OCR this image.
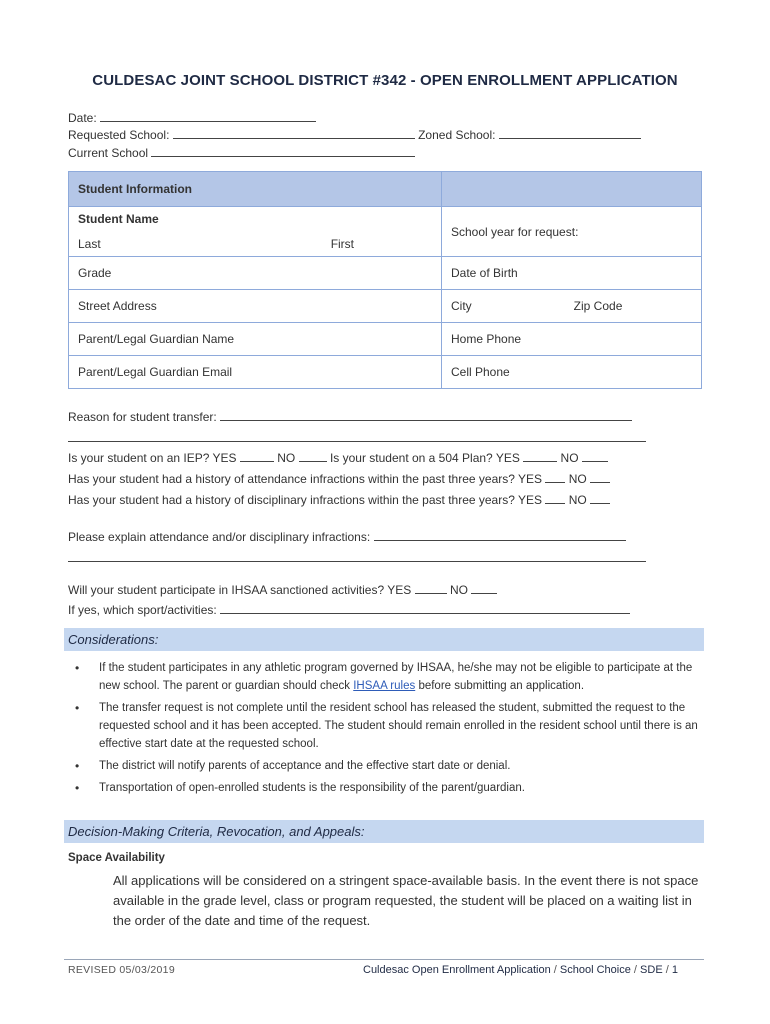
CULDESAC JOINT SCHOOL DISTRICT #342 - OPEN ENROLLMENT APPLICATION
Date:
Requested School:	Zoned School:
Current School
Student Information	
Student Name
Last First	School year for request:
Grade	Date of Birth
Street Address	City Zip Code
Parent/Legal Guardian Name	Home Phone
Parent/Legal Guardian Email	Cell Phone
Reason for student transfer:
Is your student on an IEP? YES	NO	Is your student on a 504 Plan? YES	NO
Has your student had a history of attendance infractions within the past three years? YES NO
Has your student had a history of disciplinary infractions within the past three years? YES NO
Please explain attendance and/or disciplinary infractions:
Will your student participate in IHSAA sanctioned activities? YES	NO
If yes, which sport/activities:
Considerations:
• If the student participates in any athletic program governed by IHSAA, he/she may not be eligible to participate at the new school. The parent or guardian should check IHSAA rules before submitting an application.
• The transfer request is not complete until the resident school has released the student, submitted the request to the requested school and it has been accepted. The student should remain enrolled in the resident school until there is an effective start date at the requested school.
• The district will notify parents of acceptance and the effective start date or denial.
• Transportation of open-enrolled students is the responsibility of the parent/guardian.
Decision-Making Criteria, Revocation, and Appeals:
Space Availability
All applications will be considered on a stringent space-available basis. In the event there is not space available in the grade level, class or program requested, the student will be placed on a waiting list in the order of the date and time of the request.
REVISED 05/03/2019	Culdesac Open Enrollment Application / School Choice / SDE / 1
